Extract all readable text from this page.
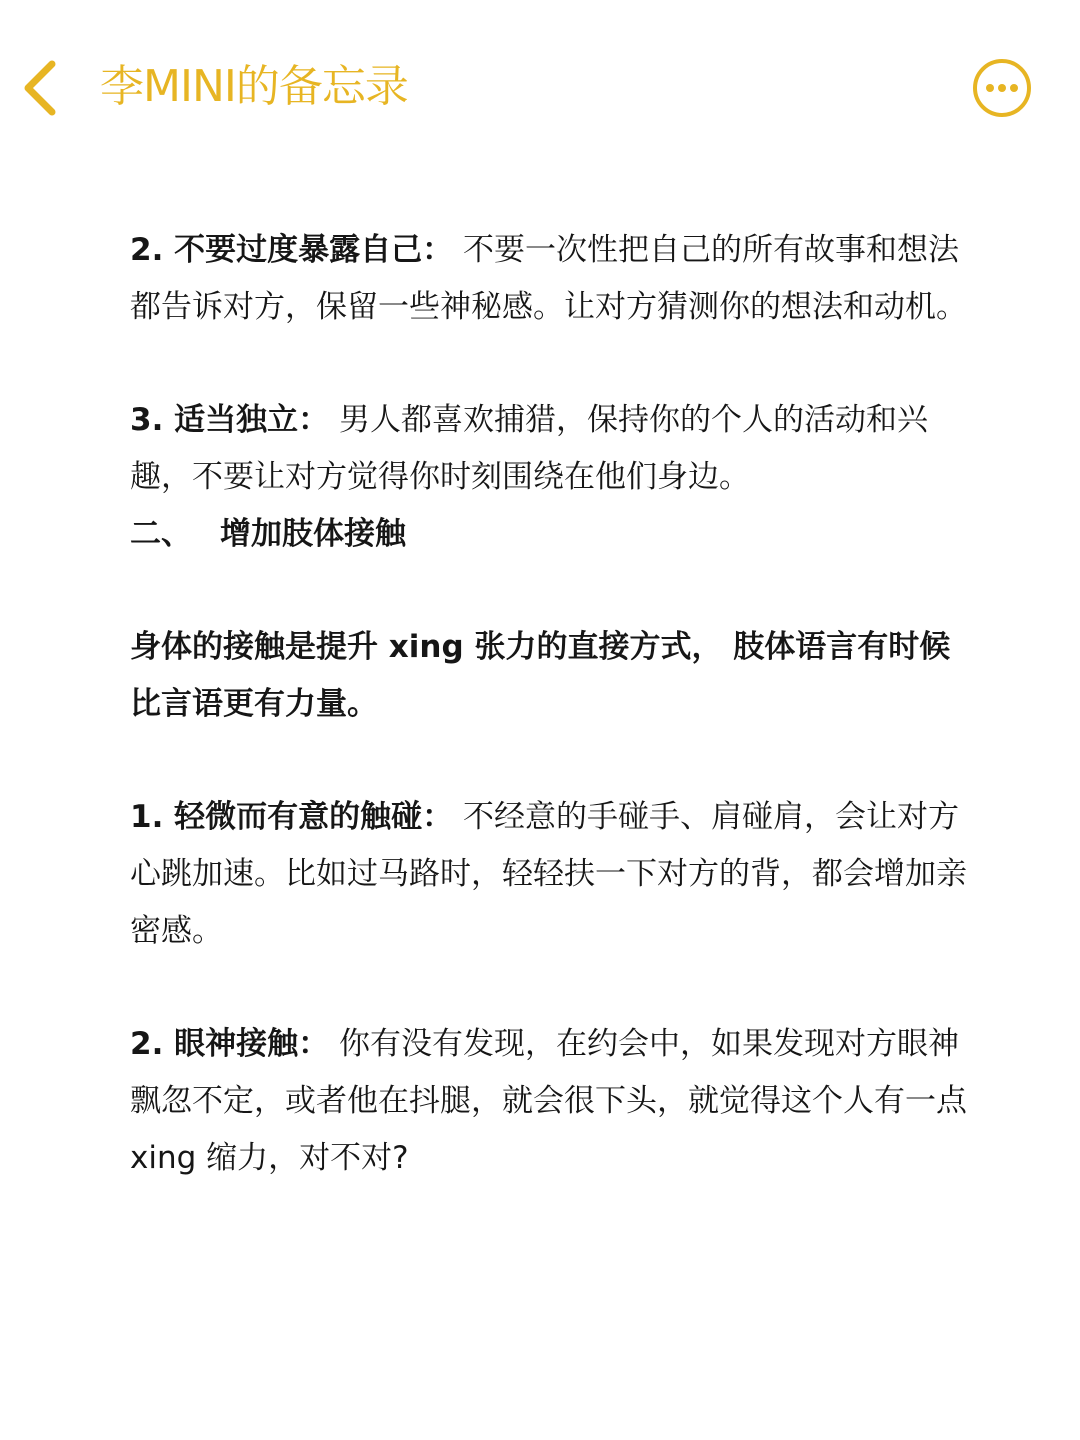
李MINI的备忘录

2. 不要过度暴露自己： 不要一次性把自己的所有故事和想法都告诉对方，保留一些神秘感。让对方猜测你的想法和动机。

3. 适当独立： 男人都喜欢捕猎，保持你的个人的活动和兴趣，不要让对方觉得你时刻围绕在他们身边。

二、 增加肢体接触

身体的接触是提升 xing 张力的直接方式， 肢体语言有时候比言语更有力量。

1. 轻微而有意的触碰： 不经意的手碰手、肩碰肩，会让对方心跳加速。比如过马路时，轻轻扶一下对方的背，都会增加亲密感。

2. 眼神接触： 你有没有发现，在约会中，如果发现对方眼神飘忽不定，或者他在抖腿，就会很下头，就觉得这个人有一点 xing 缩力，对不对?
